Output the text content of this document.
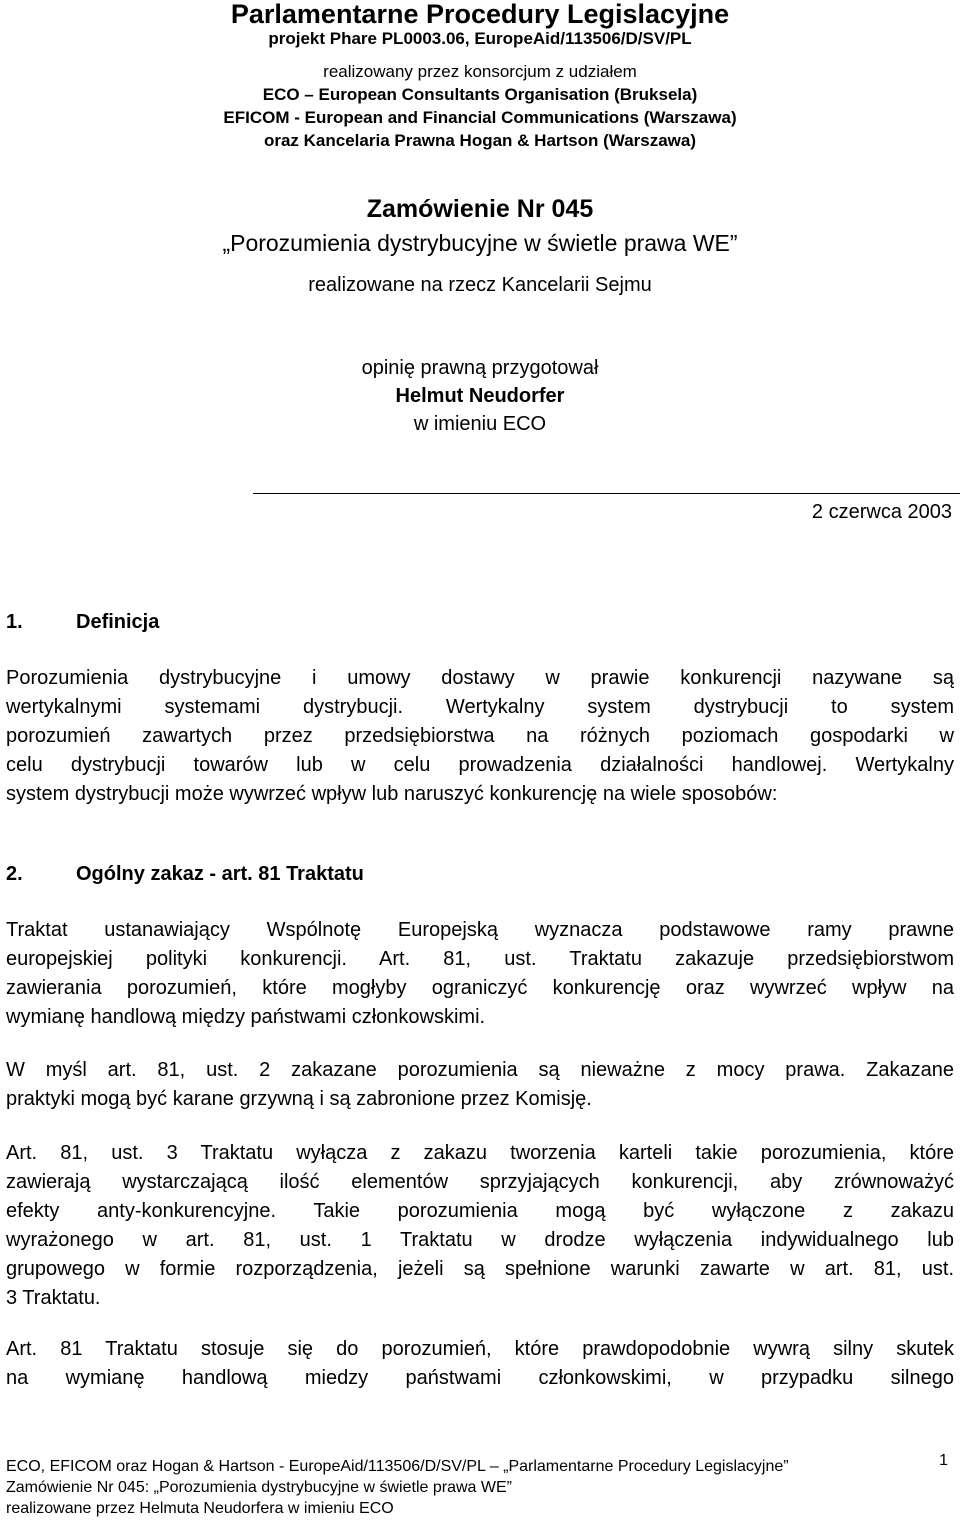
Parlamentarne Procedury Legislacyjne
projekt Phare PL0003.06, EuropeAid/113506/D/SV/PL
realizowany przez konsorcjum z udziałem
ECO – European Consultants Organisation (Bruksela)
EFICOM - European and Financial Communications (Warszawa)
oraz Kancelaria Prawna Hogan & Hartson (Warszawa)
Zamówienie Nr 045
„Porozumienia dystrybucyjne w świetle prawa WE”
realizowane na rzecz Kancelarii Sejmu
opinię prawną przygotował
Helmut Neudorfer
w imieniu ECO
2 czerwca 2003
1.	Definicja

Porozumienia dystrybucyjne i umowy dostawy w prawie konkurencji nazywane są
wertykalnymi systemami dystrybucji. Wertykalny system dystrybucji to system
porozumień zawartych przez przedsiębiorstwa na różnych poziomach gospodarki w
celu dystrybucji towarów lub w celu prowadzenia działalności handlowej. Wertykalny
system dystrybucji może wywrzeć wpływ lub naruszyć konkurencję na wiele sposobów:

2.	Ogólny zakaz - art. 81 Traktatu

Traktat ustanawiający Wspólnotę Europejską wyznacza podstawowe ramy prawne
europejskiej polityki konkurencji. Art. 81, ust. Traktatu zakazuje przedsiębiorstwom
zawierania porozumień, które mogłyby ograniczyć konkurencję oraz wywrzeć wpływ na
wymianę handlową między państwami członkowskimi.

W myśl art. 81, ust. 2 zakazane porozumienia są nieważne z mocy prawa. Zakazane
praktyki mogą być karane grzywną i są zabronione przez Komisję.

Art. 81, ust. 3 Traktatu wyłącza z zakazu tworzenia karteli takie porozumienia, które
zawierają wystarczającą ilość elementów sprzyjających konkurencji, aby zrównoważyć
efekty anty-konkurencyjne. Takie porozumienia mogą być wyłączone z zakazu
wyrażonego w art. 81, ust. 1 Traktatu w drodze wyłączenia indywidualnego lub
grupowego w formie rozporządzenia, jeżeli są spełnione warunki zawarte w art. 81, ust.
3 Traktatu.

Art. 81 Traktatu stosuje się do porozumień, które prawdopodobnie wywrą silny skutek
na wymianę handlową miedzy państwami członkowskimi, w przypadku silnego

ECO, EFICOM oraz Hogan & Hartson - EuropeAid/113506/D/SV/PL – „Parlamentarne Procedury Legislacyjne”
Zamówienie Nr 045: „Porozumienia dystrybucyjne w świetle prawa WE”
realizowane przez Helmuta Neudorfera w imieniu ECO
1
